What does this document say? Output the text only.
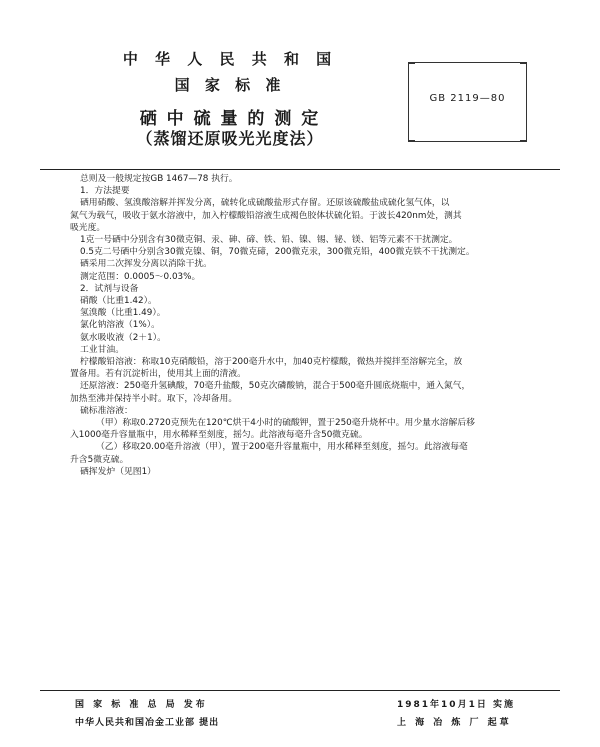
中 华 人 民 共 和 国
国 家 标 准
硒 中 硫 量 的 测 定
（蒸馏还原吸光光度法）
GB 2119—80

总则及一般规定按GB 1467—78 执行。

1．方法提要

硒用硝酸、氢溴酸溶解并挥发分离，硫转化成硫酸盐形式存留。还原该硫酸盐成硫化氢气体，以

氮气为载气，吸收于氨水溶液中，加入柠檬酸铅溶液生成褐色胶体状硫化铅。于波长420nm处，测其

吸光度。

1克一号硒中分别含有30微克铜、汞、砷、碲、铁、铅、镍、锡、铋、镁、铝等元素不干扰测定。

0.5克二号硒中分别含30微克镍、铜，70微克碲，200微克汞，300微克铅，400微克铁不干扰测定。

硒采用二次挥发分离以消除干扰。

测定范围：0.0005～0.03%。

2．试剂与设备

硝酸（比重1.42）。

氢溴酸（比重1.49）。

氯化钠溶液（1%）。

氨水吸收液（2＋1）。

工业甘油。

柠檬酸铅溶液：称取10克硝酸铅，溶于200毫升水中，加40克柠檬酸，微热并搅拌至溶解完全，放

置备用。若有沉淀析出，使用其上面的清液。

还原溶液：250毫升氢碘酸，70毫升盐酸，50克次磷酸钠，混合于500毫升圆底烧瓶中，通入氮气，

加热至沸并保持半小时。取下，冷却备用。

硫标准溶液：

（甲）称取0.2720克预先在120℃烘干4小时的硫酸钾，置于250毫升烧杯中。用少量水溶解后移

入1000毫升容量瓶中，用水稀释至刻度，摇匀。此溶液每毫升含50微克硫。

（乙）移取20.00毫升溶液（甲），置于200毫升容量瓶中，用水稀释至刻度，摇匀。此溶液每毫

升含5微克硫。

硒挥发炉（见图1）

国 家 标 准 总 局 发布	1981年10月1日 实施
中华人民共和国冶金工业部 提出	上 海 冶 炼 厂 起草
